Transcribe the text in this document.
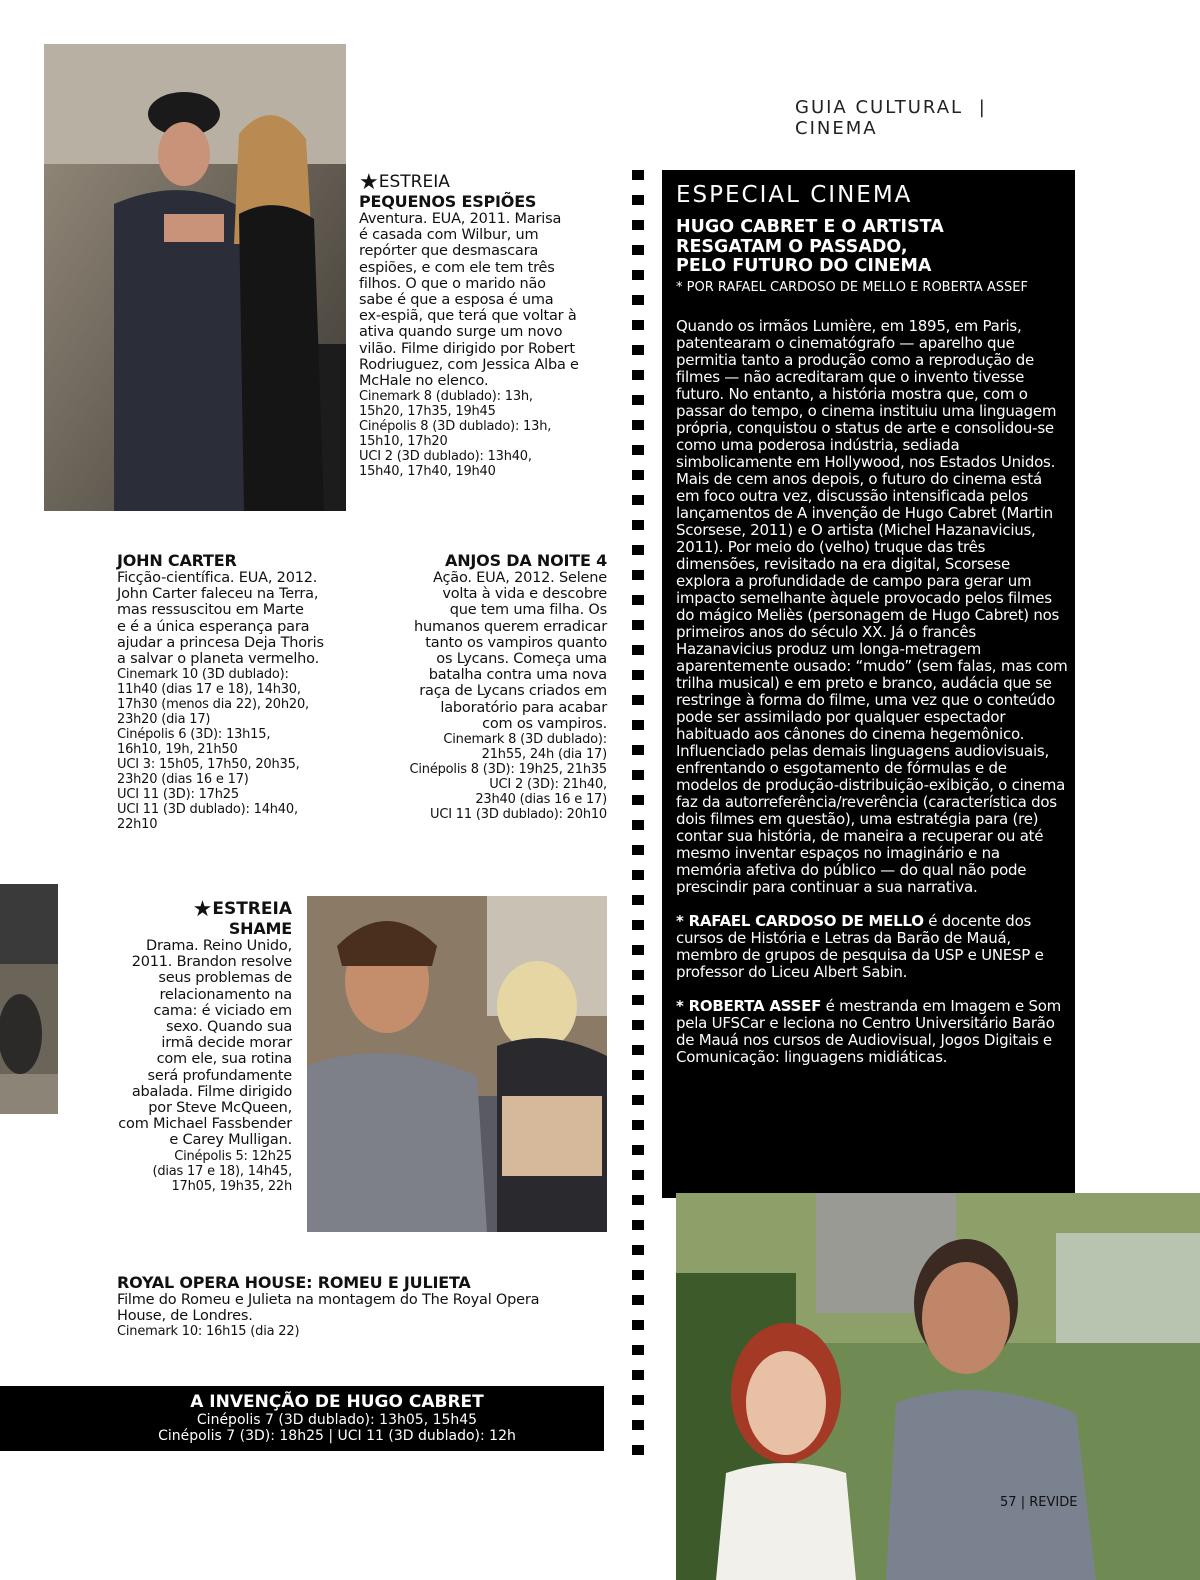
GUIA CULTURAL | CINEMA
★ESTREIA
PEQUENOS ESPIÕES
Aventura. EUA, 2011. Marisa
é casada com Wilbur, um
repórter que desmascara
espiões, e com ele tem três
filhos. O que o marido não
sabe é que a esposa é uma
ex-espiã, que terá que voltar à
ativa quando surge um novo
vilão. Filme dirigido por Robert
Rodriuguez, com Jessica Alba e
McHale no elenco.
Cinemark 8 (dublado): 13h,
15h20, 17h35, 19h45
Cinépolis 8 (3D dublado): 13h,
15h10, 17h20
UCI 2 (3D dublado): 13h40,
15h40, 17h40, 19h40
JOHN CARTER
Ficção-científica. EUA, 2012.
John Carter faleceu na Terra,
mas ressuscitou em Marte
e é a única esperança para
ajudar a princesa Deja Thoris
a salvar o planeta vermelho.
Cinemark 10 (3D dublado):
11h40 (dias 17 e 18), 14h30,
17h30 (menos dia 22), 20h20,
23h20 (dia 17)
Cinépolis 6 (3D): 13h15,
16h10, 19h, 21h50
UCI 3: 15h05, 17h50, 20h35,
23h20 (dias 16 e 17)
UCI 11 (3D): 17h25
UCI 11 (3D dublado): 14h40,
22h10
ANJOS DA NOITE 4
Ação. EUA, 2012. Selene
volta à vida e descobre
que tem uma filha. Os
humanos querem erradicar
tanto os vampiros quanto
os Lycans. Começa uma
batalha contra uma nova
raça de Lycans criados em
laboratório para acabar
com os vampiros.
Cinemark 8 (3D dublado):
21h55, 24h (dia 17)
Cinépolis 8 (3D): 19h25, 21h35
UCI 2 (3D): 21h40,
23h40 (dias 16 e 17)
UCI 11 (3D dublado): 20h10
★ESTREIA
SHAME
Drama. Reino Unido,
2011. Brandon resolve
seus problemas de
relacionamento na
cama: é viciado em
sexo. Quando sua
irmã decide morar
com ele, sua rotina
será profundamente
abalada. Filme dirigido
por Steve McQueen,
com Michael Fassbender
e Carey Mulligan.
Cinépolis 5: 12h25
(dias 17 e 18), 14h45,
17h05, 19h35, 22h
ROYAL OPERA HOUSE: ROMEU E JULIETA
Filme do Romeu e Julieta na montagem do The Royal Opera
House, de Londres.
Cinemark 10: 16h15 (dia 22)
A INVENÇÃO DE HUGO CABRET
Cinépolis 7 (3D dublado): 13h05, 15h45
Cinépolis 7 (3D): 18h25 | UCI 11 (3D dublado): 12h
ESPECIAL CINEMA
HUGO CABRET E O ARTISTA
RESGATAM O PASSADO,
PELO FUTURO DO CINEMA
* POR RAFAEL CARDOSO DE MELLO E ROBERTA ASSEF

Quando os irmãos Lumière, em 1895, em Paris, patentearam o cinematógrafo — aparelho que permitia tanto a produção como a reprodução de filmes — não acreditaram que o invento tivesse futuro. No entanto, a história mostra que, com o passar do tempo, o cinema instituiu uma linguagem própria, conquistou o status de arte e consolidou-se como uma poderosa indústria, sediada simbolicamente em Hollywood, nos Estados Unidos. Mais de cem anos depois, o futuro do cinema está em foco outra vez, discussão intensificada pelos lançamentos de A invenção de Hugo Cabret (Martin Scorsese, 2011) e O artista (Michel Hazanavicius, 2011). Por meio do (velho) truque das três dimensões, revisitado na era digital, Scorsese explora a profundidade de campo para gerar um impacto semelhante àquele provocado pelos filmes do mágico Meliès (personagem de Hugo Cabret) nos primeiros anos do século XX. Já o francês Hazanavicius produz um longa-metragem aparentemente ousado: “mudo” (sem falas, mas com trilha musical) e em preto e branco, audácia que se restringe à forma do filme, uma vez que o conteúdo pode ser assimilado por qualquer espectador habituado aos cânones do cinema hegemônico. Influenciado pelas demais linguagens audiovisuais, enfrentando o esgotamento de fórmulas e de modelos de produção-distribuição-exibição, o cinema faz da autorreferência/reverência (característica dos dois filmes em questão), uma estratégia para (re) contar sua história, de maneira a recuperar ou até mesmo inventar espaços no imaginário e na memória afetiva do público — do qual não pode prescindir para continuar a sua narrativa.

* RAFAEL CARDOSO DE MELLO é docente dos cursos de História e Letras da Barão de Mauá, membro de grupos de pesquisa da USP e UNESP e professor do Liceu Albert Sabin.

* ROBERTA ASSEF é mestranda em Imagem e Som pela UFSCar e leciona no Centro Universitário Barão de Mauá nos cursos de Audiovisual, Jogos Digitais e Comunicação: linguagens midiáticas.

57 | REVIDE
